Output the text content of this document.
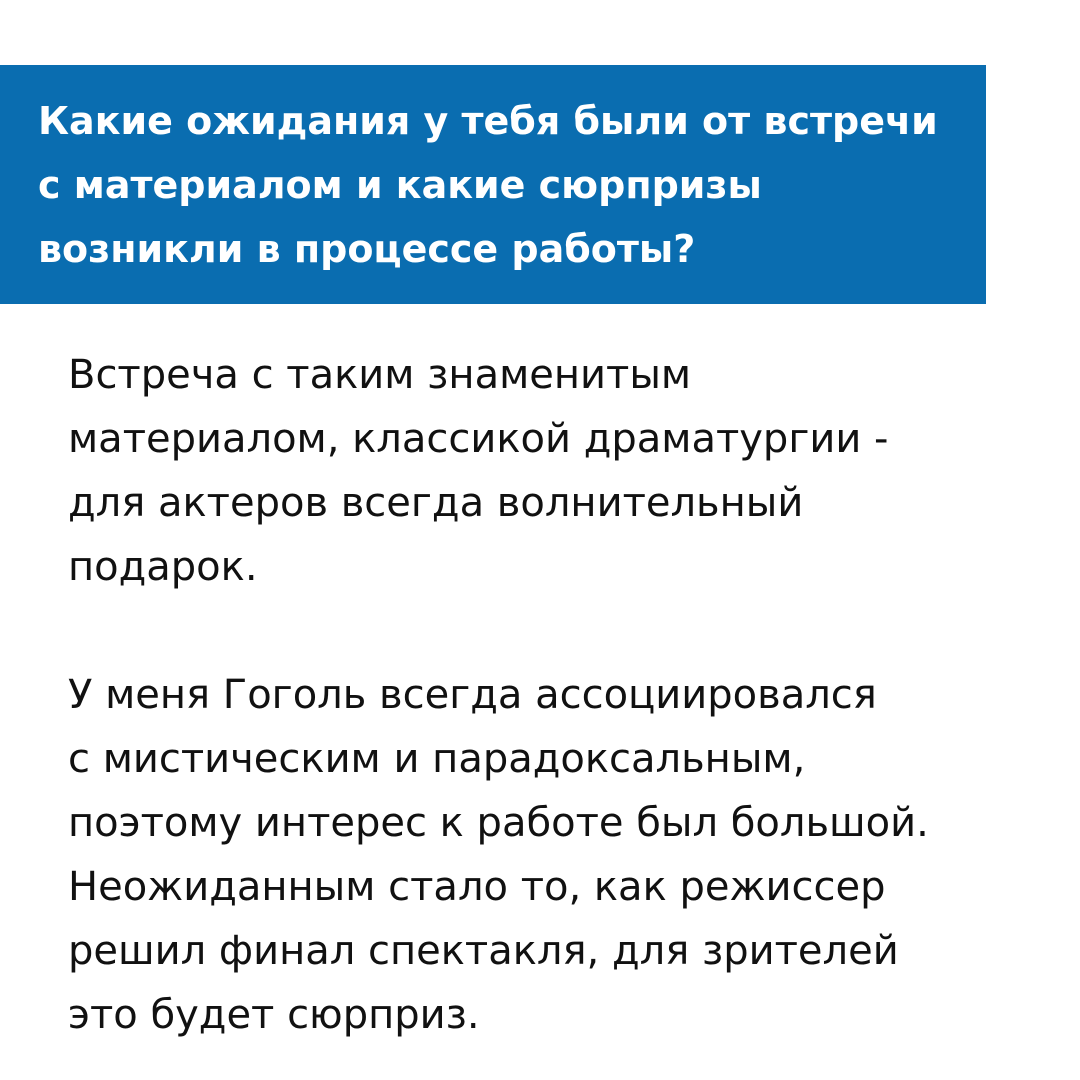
Какие ожидания у тебя были от встречи
с материалом и какие сюрпризы
возникли в процессе работы?

Встреча с таким знаменитым
материалом, классикой драматургии -
для актеров всегда волнительный
подарок.

У меня Гоголь всегда ассоциировался
с мистическим и парадоксальным,
поэтому интерес к работе был большой.
Неожиданным стало то, как режиссер
решил финал спектакля, для зрителей
это будет сюрприз.
